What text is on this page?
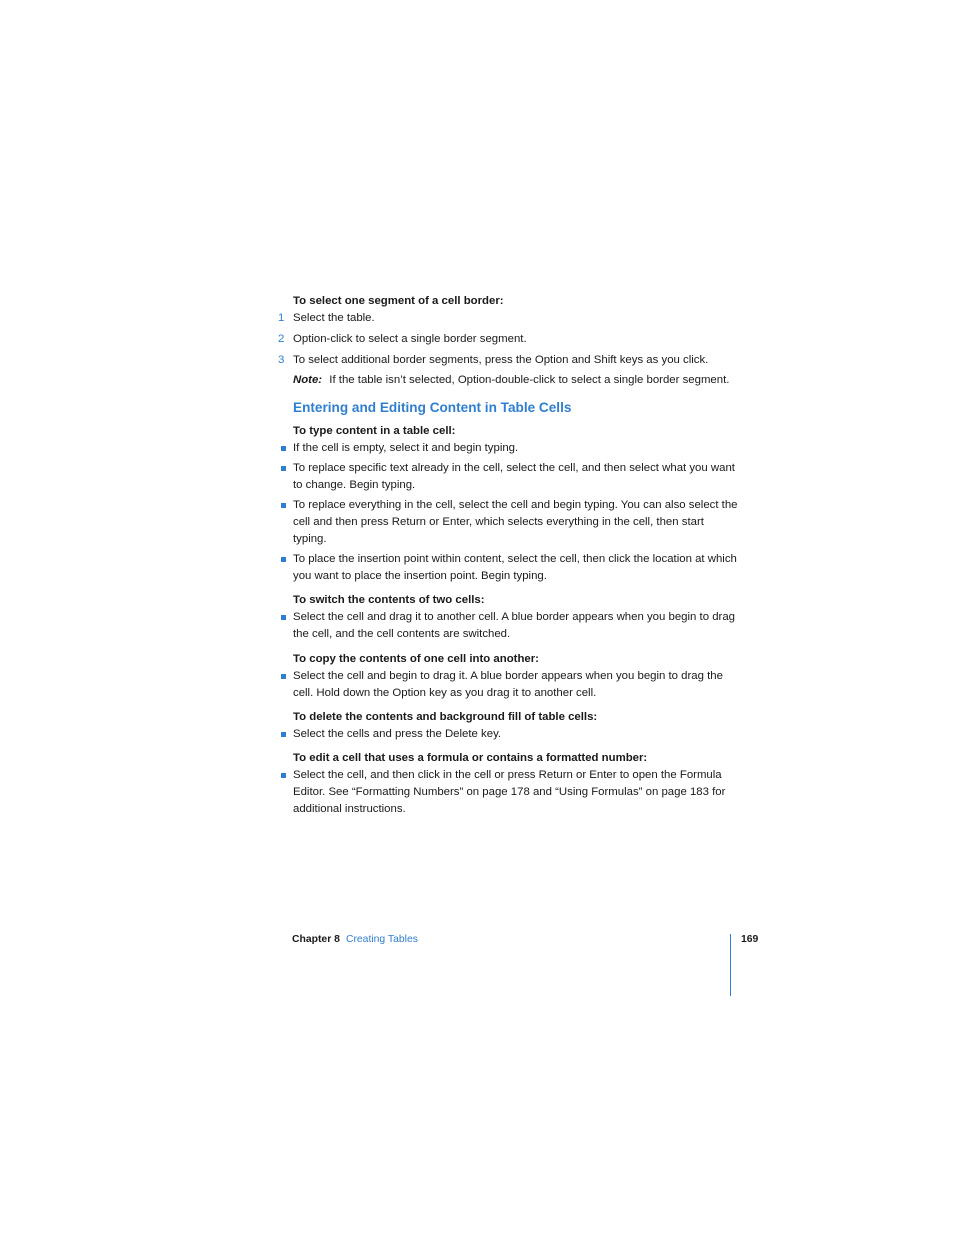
To select one segment of a cell border:

1 Select the table.
2 Option-click to select a single border segment.
3 To select additional border segments, press the Option and Shift keys as you click.

Note: If the table isn’t selected, Option-double-click to select a single border segment.

Entering and Editing Content in Table Cells

To type content in a table cell:

If the cell is empty, select it and begin typing.
To replace specific text already in the cell, select the cell, and then select what you want to change. Begin typing.
To replace everything in the cell, select the cell and begin typing. You can also select the cell and then press Return or Enter, which selects everything in the cell, then start typing.
To place the insertion point within content, select the cell, then click the location at which you want to place the insertion point. Begin typing.

To switch the contents of two cells:

Select the cell and drag it to another cell. A blue border appears when you begin to drag the cell, and the cell contents are switched.

To copy the contents of one cell into another:

Select the cell and begin to drag it. A blue border appears when you begin to drag the cell. Hold down the Option key as you drag it to another cell.

To delete the contents and background fill of table cells:

Select the cells and press the Delete key.

To edit a cell that uses a formula or contains a formatted number:

Select the cell, and then click in the cell or press Return or Enter to open the Formula Editor. See “Formatting Numbers” on page 178 and “Using Formulas” on page 183 for additional instructions.
Chapter 8 Creating Tables	169
